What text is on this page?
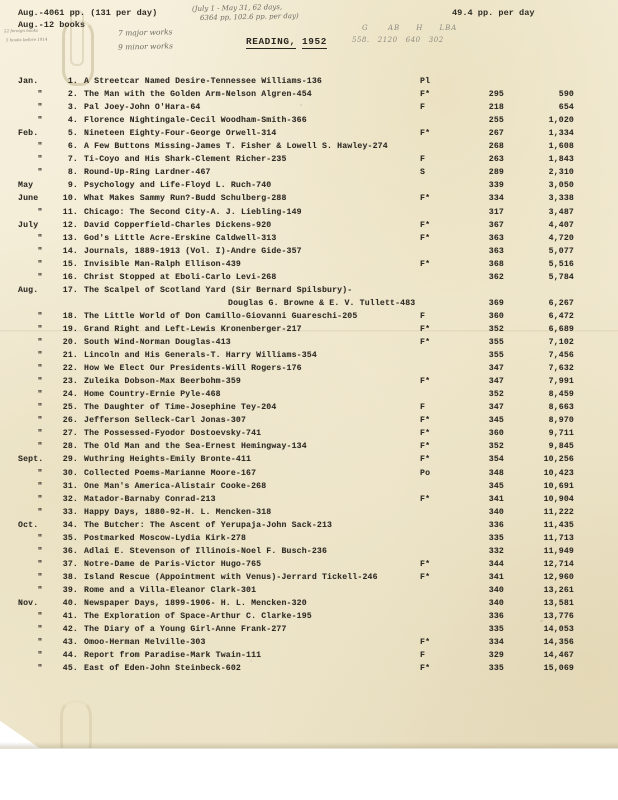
Aug.-4061 pp. (131 per day)
Aug.-12 books
49.4 pp. per day
(July 1 - May 31, 62 days,
6364 pp, 102.6 pp. per day)
7 major works
9 minor works
22 foreign books
5 books before 1914
G      AB     H     LBA
558.   2120   640   302
READING, 1952
Jan.	1. A Streetcar Named Desire-Tennessee Williams-136	Pl
"	2. The Man with the Golden Arm-Nelson Algren-454	F*	295	590
"	3. Pal Joey-John O'Hara-64	F	218	654
"	4. Florence Nightingale-Cecil Woodham-Smith-366	255	1,020
Feb.	5. Nineteen Eighty-Four-George Orwell-314	F*	267	1,334
"	6. A Few Buttons Missing-James T. Fisher & Lowell S. Hawley-274	268	1,608
"	7. Ti-Coyo and His Shark-Clement Richer-235	F	263	1,843
"	8. Round-Up-Ring Lardner-467	S	289	2,310
May	9. Psychology and Life-Floyd L. Ruch-740	339	3,050
June	10. What Makes Sammy Run?-Budd Schulberg-288	F*	334	3,338
"	11. Chicago: The Second City-A. J. Liebling-149	317	3,487
July	12. David Copperfield-Charles Dickens-920	F*	367	4,407
"	13. God's Little Acre-Erskine Caldwell-313	F*	363	4,720
"	14. Journals, 1889-1913 (Vol. I)-Andre Gide-357	363	5,077
"	15. Invisible Man-Ralph Ellison-439	F*	368	5,516
"	16. Christ Stopped at Eboli-Carlo Levi-268	362	5,784
Aug.	17. The Scalpel of Scotland Yard (Sir Bernard Spilsbury)-
Douglas G. Browne & E. V. Tullett-483	369	6,267
"	18. The Little World of Don Camillo-Giovanni Guareschi-205	F	360	6,472
"	19. Grand Right and Left-Lewis Kronenberger-217	F*	352	6,689
"	20. South Wind-Norman Douglas-413	F*	355	7,102
"	21. Lincoln and His Generals-T. Harry Williams-354	355	7,456
"	22. How We Elect Our Presidents-Will Rogers-176	347	7,632
"	23. Zuleika Dobson-Max Beerbohm-359	F*	347	7,991
"	24. Home Country-Ernie Pyle-468	352	8,459
"	25. The Daughter of Time-Josephine Tey-204	F	347	8,663
"	26. Jefferson Selleck-Carl Jonas-307	F*	345	8,970
"	27. The Possessed-Fyodor Dostoevsky-741	F*	360	9,711
"	28. The Old Man and the Sea-Ernest Hemingway-134	F*	352	9,845
Sept.	29. Wuthring Heights-Emily Bronte-411	F*	354	10,256
"	30. Collected Poems-Marianne Moore-167	Po	348	10,423
"	31. One Man's America-Alistair Cooke-268	345	10,691
"	32. Matador-Barnaby Conrad-213	F*	341	10,904
"	33. Happy Days, 1880-92-H. L. Mencken-318	340	11,222
Oct.	34. The Butcher: The Ascent of Yerupaja-John Sack-213	336	11,435
"	35. Postmarked Moscow-Lydia Kirk-278	335	11,713
"	36. Adlai E. Stevenson of Illinois-Noel F. Busch-236	332	11,949
"	37. Notre-Dame de Paris-Victor Hugo-765	F*	344	12,714
"	38. Island Rescue (Appointment with Venus)-Jerrard Tickell-246	F*	341	12,960
"	39. Rome and a Villa-Eleanor Clark-301	340	13,261
Nov.	40. Newspaper Days, 1899-1906- H. L. Mencken-320	340	13,581
"	41. The Exploration of Space-Arthur C. Clarke-195	336	13,776
"	42. The Diary of a Young Girl-Anne Frank-277	335	14,053
"	43. Omoo-Herman Melville-303	F*	334	14,356
"	44. Report from Paradise-Mark Twain-111	F	329	14,467
"	45. East of Eden-John Steinbeck-602	F*	335	15,069
